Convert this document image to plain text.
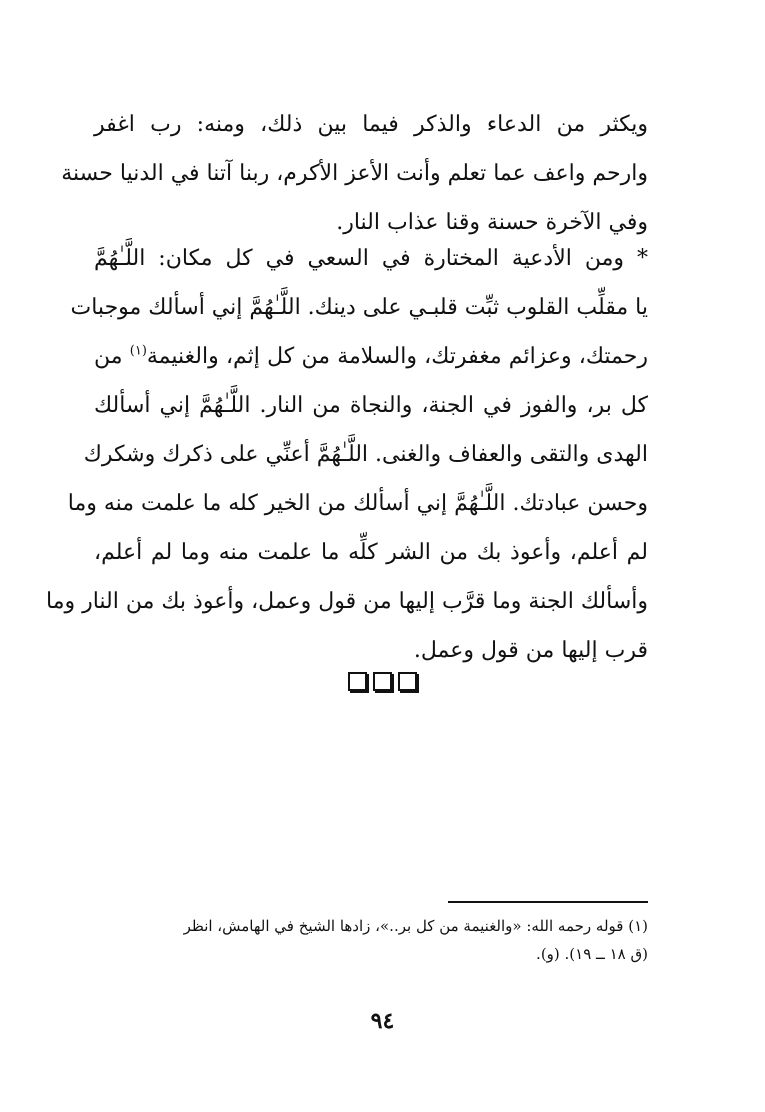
ويكثر من الدعاء والذكر فيما بين ذلك، ومنه: رب اغفر
وارحم واعف عما تعلم وأنت الأعز الأكرم، ربنا آتنا في الدنيا حسنة
وفي الآخرة حسنة وقنا عذاب النار.
* ومن الأدعية المختارة في السعي في كل مكان: اللَّـٰهُمَّ
يا مقلِّب القلوب ثبِّت قلبـي على دينك. اللَّـٰهُمَّ إني أسألك موجبات
رحمتك، وعزائم مغفرتك، والسلامة من كل إثم، والغنيمة$^{(١)}$ من
كل بر، والفوز في الجنة، والنجاة من النار. اللَّـٰهُمَّ إني أسألك
الهدى والتقى والعفاف والغنى. اللَّـٰهُمَّ أعنِّي على ذكرك وشكرك
وحسن عبادتك. اللَّـٰهُمَّ إني أسألك من الخير كله ما علمت منه وما
لم أعلم، وأعوذ بك من الشر كلِّه ما علمت منه وما لم أعلم،
وأسألك الجنة وما قرَّب إليها من قول وعمل، وأعوذ بك من النار وما
قرب إليها من قول وعمل.
(١) قوله رحمه الله: «والغنيمة من كل بر..»، زادها الشيخ في الهامش، انظر
(ق ١٨ ــ ١٩). (و).
٩٤
